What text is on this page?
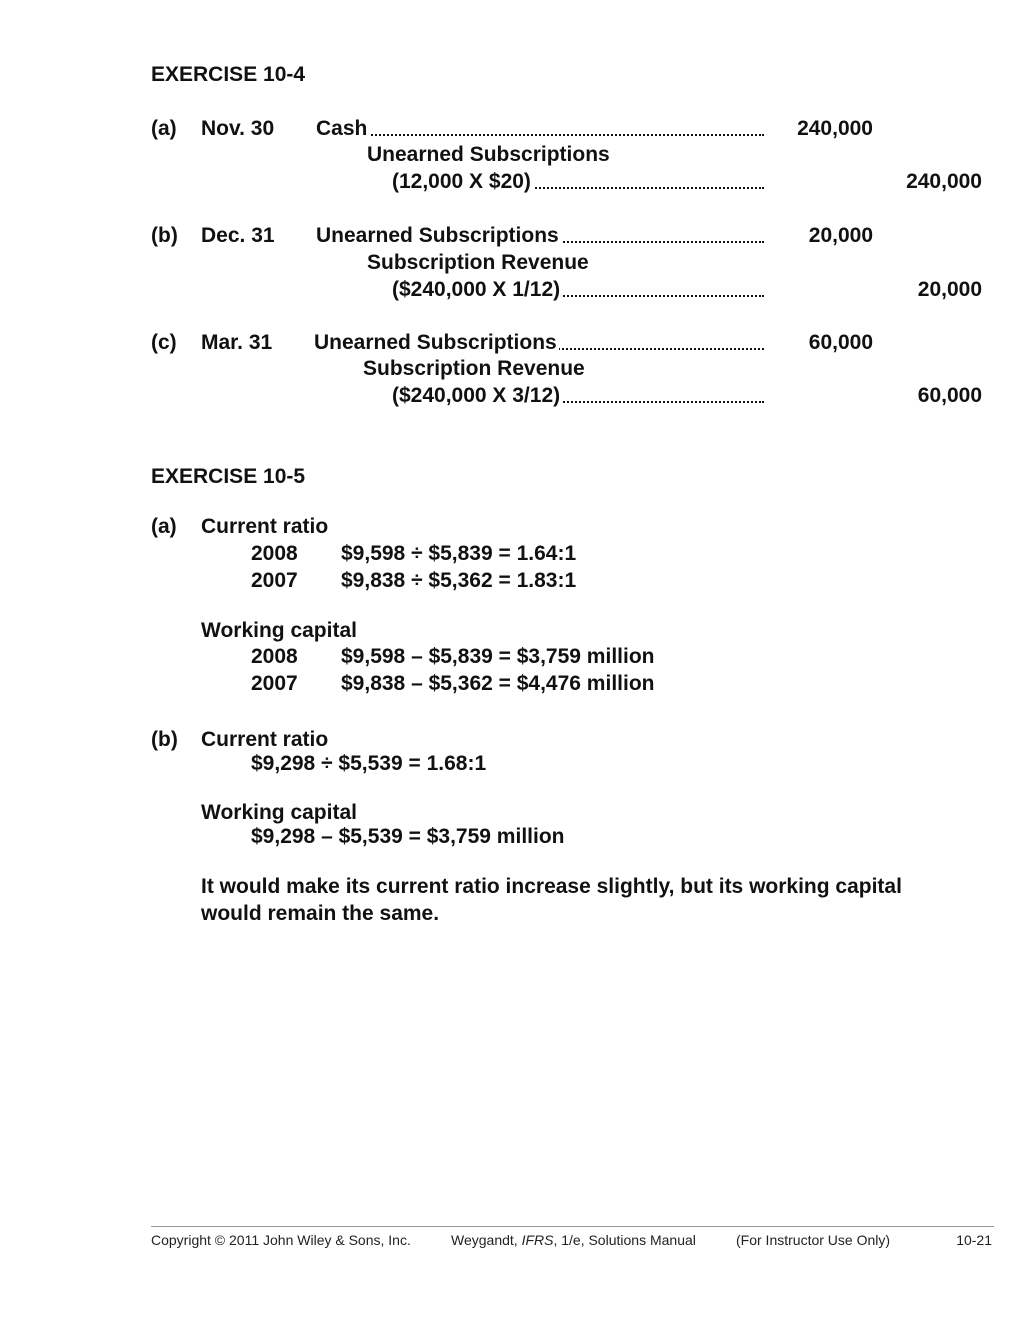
EXERCISE 10-4
(a) Nov. 30 Cash	240,000
Unearned Subscriptions
(12,000 X $20)	240,000
(b) Dec. 31 Unearned Subscriptions	20,000
Subscription Revenue
($240,000 X 1/12)	20,000
(c) Mar. 31 Unearned Subscriptions	60,000
Subscription Revenue
($240,000 X 3/12)	60,000
EXERCISE 10-5
(a) Current ratio
2008 $9,598 ÷ $5,839 = 1.64:1
2007 $9,838 ÷ $5,362 = 1.83:1
Working capital
2008 $9,598 – $5,839 = $3,759 million
2007 $9,838 – $5,362 = $4,476 million
(b) Current ratio
$9,298 ÷ $5,539 = 1.68:1
Working capital
$9,298 – $5,539 = $3,759 million
It would make its current ratio increase slightly, but its working capital
would remain the same.
Copyright © 2011 John Wiley & Sons, Inc.	Weygandt, IFRS, 1/e, Solutions Manual	(For Instructor Use Only)	10-21
